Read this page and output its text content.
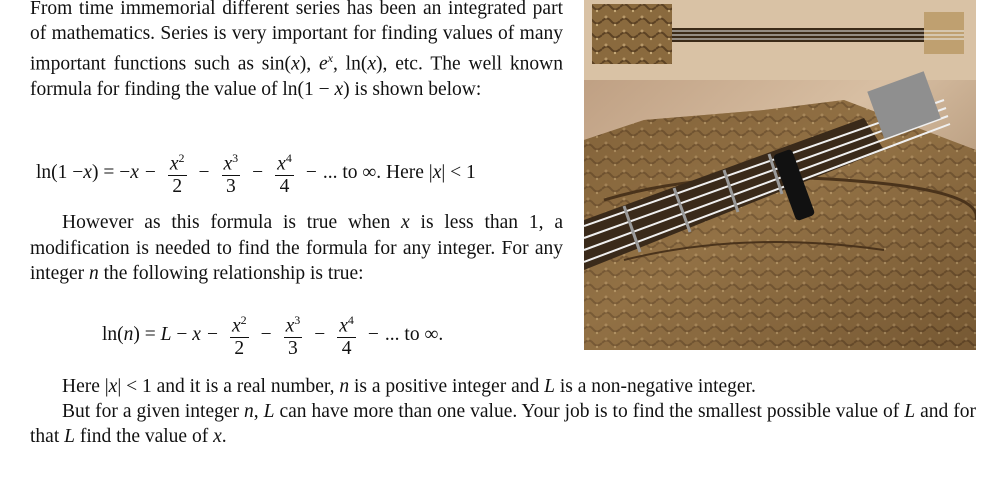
From time immemorial different series has been an integrated part of mathematics. Series is very important for finding values of many important functions such as sin(x), $e^x$, ln(x), etc. The well known formula for finding the value of ln(1 − x) is shown below:
ln(1 − x ) = − $x - \frac{x^2}{2} - \frac{x^3}{3} - \frac{x^4}{4}$ − ... to ∞. Here | x | < 1
However as this formula is true when x is less than 1, a modification is needed to find the formula for any integer. For any integer n the following relationship is true:
ln( n ) = $L - x - \frac{x^2}{2} - \frac{x^3}{3} - \frac{x^4}{4}$ − ... to ∞.
Here |x| < 1 and it is a real number, n is a positive integer and L is a non-negative integer.
But for a given integer n, L can have more than one value. Your job is to find the smallest possible value of L and for that L find the value of x.
